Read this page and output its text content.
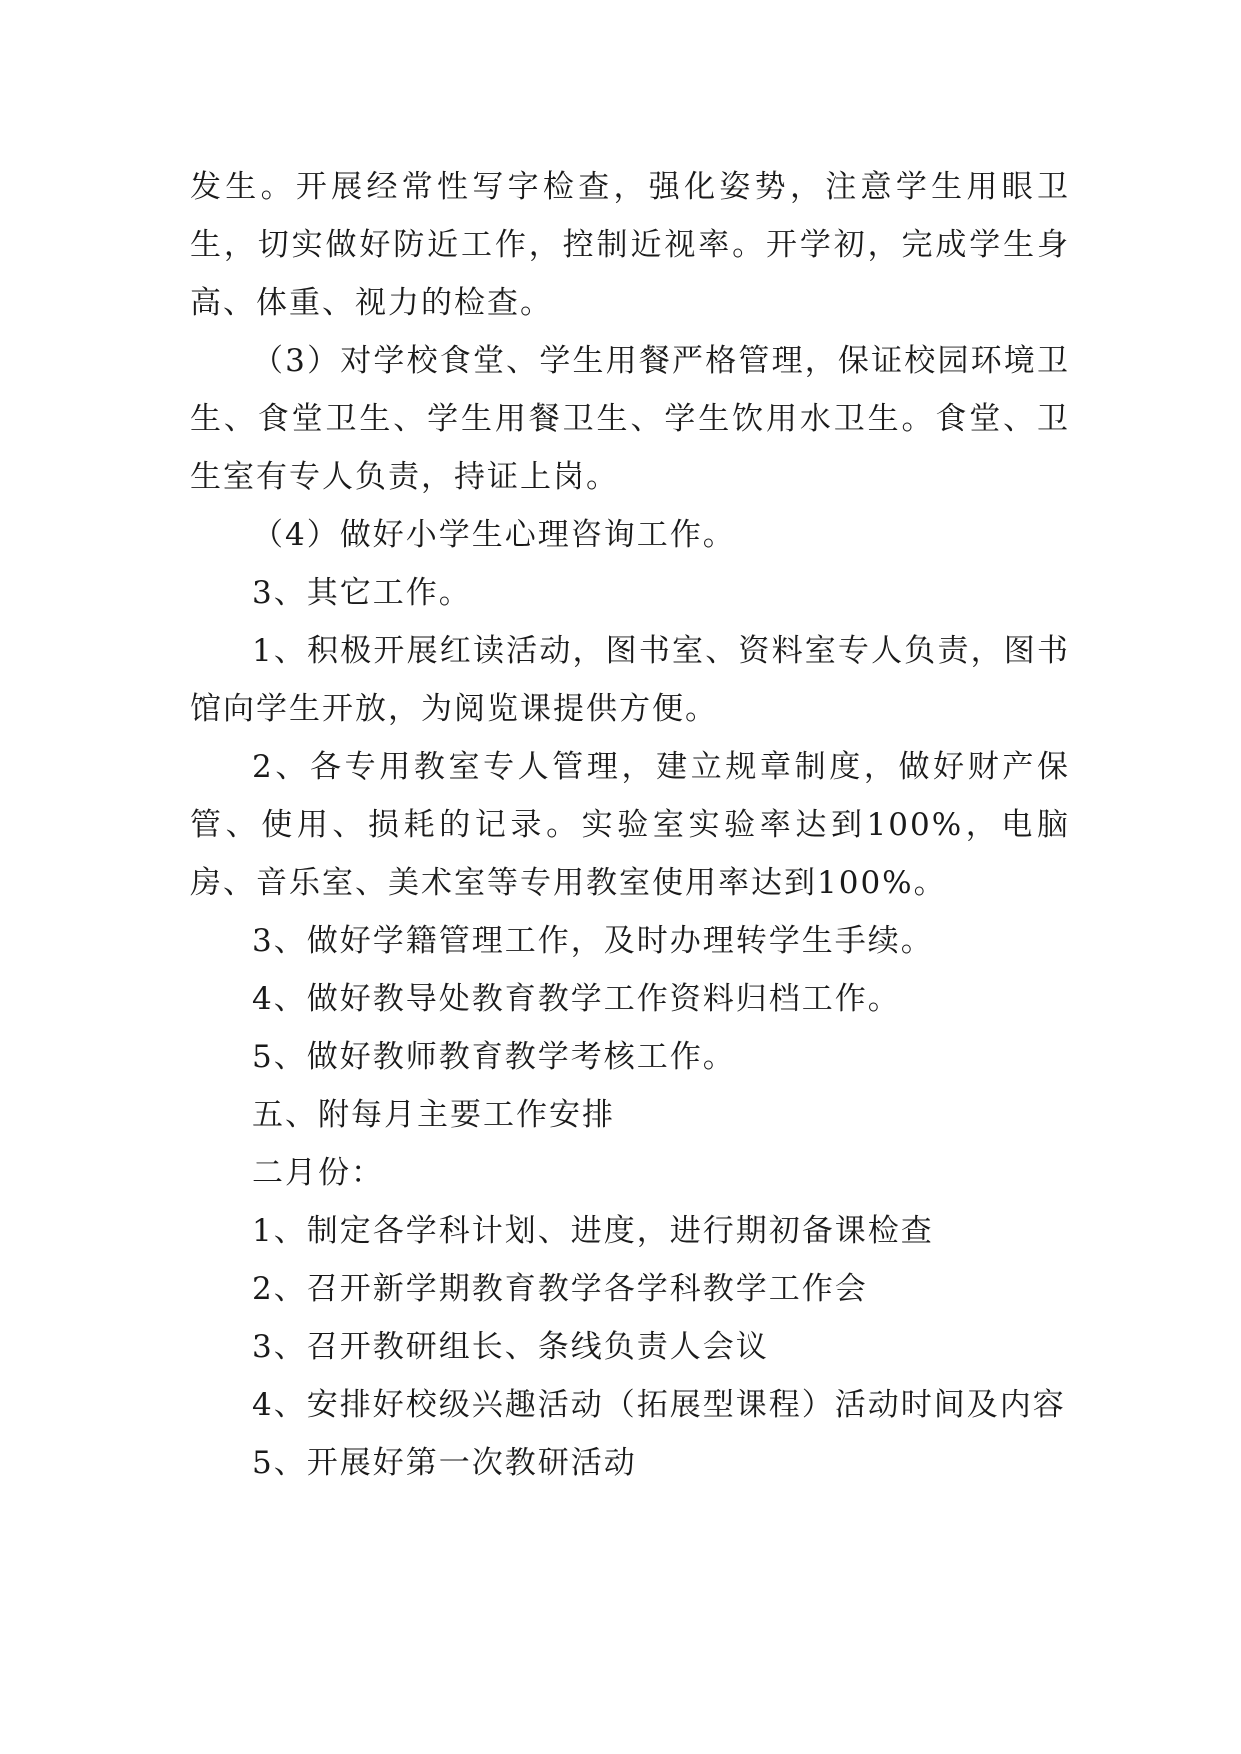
发生。开展经常性写字检查，强化姿势，注意学生用眼卫生，切实做好防近工作，控制近视率。开学初，完成学生身高、体重、视力的检查。

（3）对学校食堂、学生用餐严格管理，保证校园环境卫生、食堂卫生、学生用餐卫生、学生饮用水卫生。食堂、卫生室有专人负责，持证上岗。

（4）做好小学生心理咨询工作。

3、其它工作。

1、积极开展红读活动，图书室、资料室专人负责，图书馆向学生开放，为阅览课提供方便。

2、各专用教室专人管理，建立规章制度，做好财产保管、使用、损耗的记录。实验室实验率达到100%，电脑房、音乐室、美术室等专用教室使用率达到100%。

3、做好学籍管理工作，及时办理转学生手续。

4、做好教导处教育教学工作资料归档工作。

5、做好教师教育教学考核工作。

五、附每月主要工作安排

二月份：

1、制定各学科计划、进度，进行期初备课检查

2、召开新学期教育教学各学科教学工作会

3、召开教研组长、条线负责人会议

4、安排好校级兴趣活动（拓展型课程）活动时间及内容

5、开展好第一次教研活动
